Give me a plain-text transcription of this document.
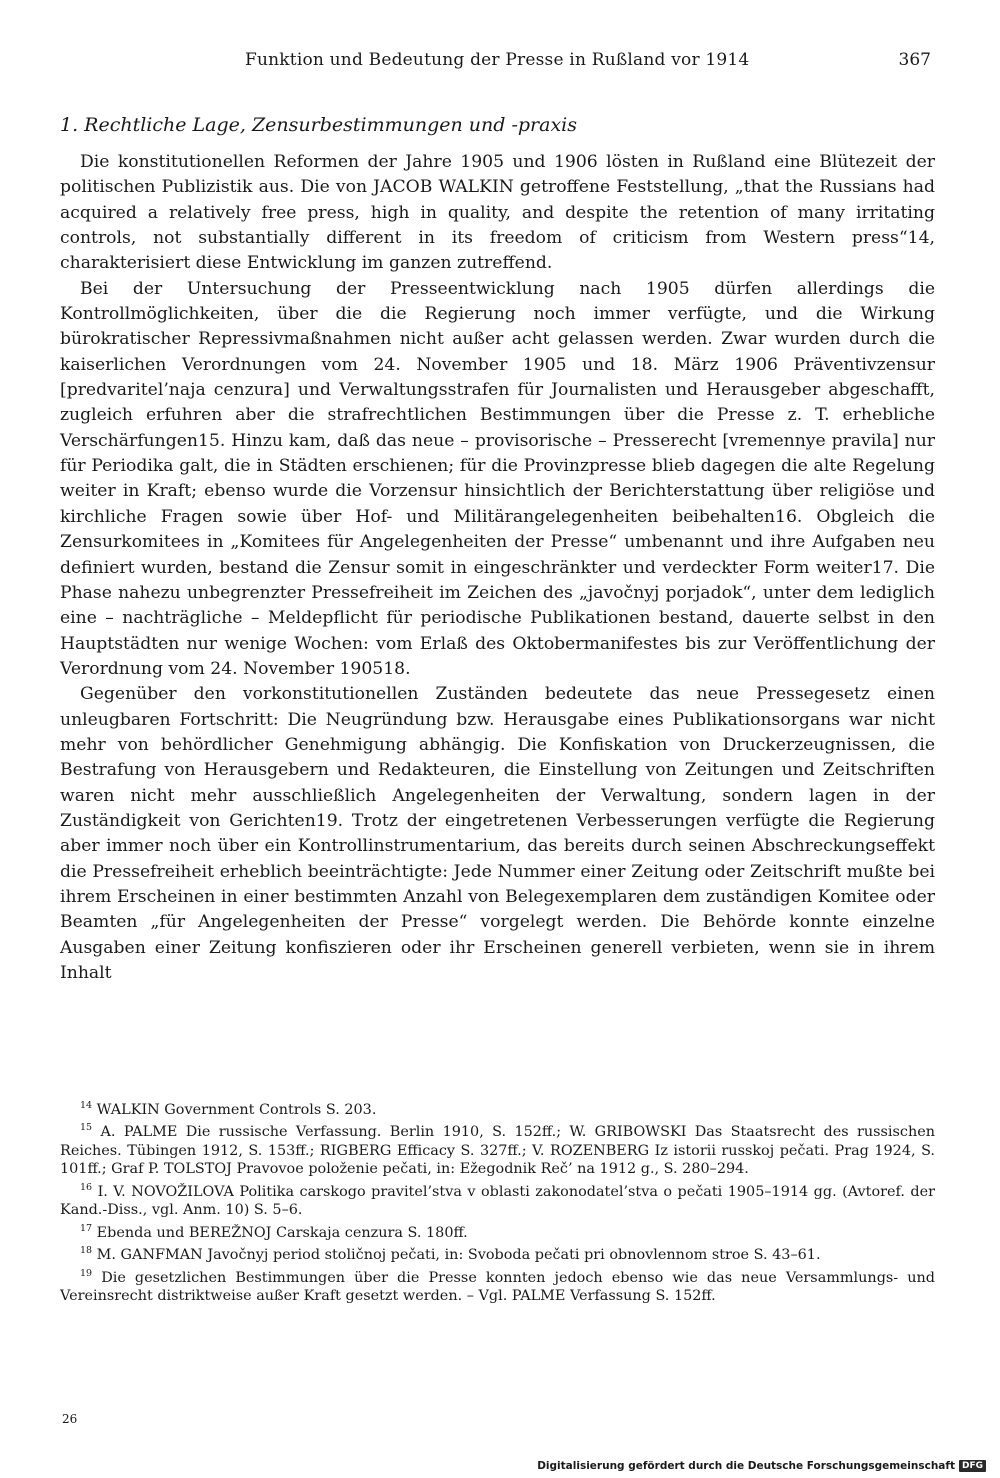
Funktion und Bedeutung der Presse in Rußland vor 1914	367
1. Rechtliche Lage, Zensurbestimmungen und -praxis

Die konstitutionellen Reformen der Jahre 1905 und 1906 lösten in Rußland eine Blütezeit der politischen Publizistik aus. Die von JACOB WALKIN getroffene Feststellung, „that the Russians had acquired a relatively free press, high in quality, and despite the retention of many irritating controls, not substantially different in its freedom of criticism from Western press“14, charakterisiert diese Entwicklung im ganzen zutreffend.

Bei der Untersuchung der Presseentwicklung nach 1905 dürfen allerdings die Kontrollmöglichkeiten, über die die Regierung noch immer verfügte, und die Wirkung bürokratischer Repressivmaßnahmen nicht außer acht gelassen werden. Zwar wurden durch die kaiserlichen Verordnungen vom 24. November 1905 und 18. März 1906 Präventivzensur [predvaritel’naja cenzura] und Verwaltungsstrafen für Journalisten und Herausgeber abgeschafft, zugleich erfuhren aber die strafrechtlichen Bestimmungen über die Presse z. T. erhebliche Verschärfungen15. Hinzu kam, daß das neue – provisorische – Presserecht [vremennye pravila] nur für Periodika galt, die in Städten erschienen; für die Provinzpresse blieb dagegen die alte Regelung weiter in Kraft; ebenso wurde die Vorzensur hinsichtlich der Berichterstattung über religiöse und kirchliche Fragen sowie über Hof- und Militärangelegenheiten beibehalten16. Obgleich die Zensurkomitees in „Komitees für Angelegenheiten der Presse“ umbenannt und ihre Aufgaben neu definiert wurden, bestand die Zensur somit in eingeschränkter und verdeckter Form weiter17. Die Phase nahezu unbegrenzter Pressefreiheit im Zeichen des „javočnyj porjadok“, unter dem lediglich eine – nachträgliche – Meldepflicht für periodische Publikationen bestand, dauerte selbst in den Hauptstädten nur wenige Wochen: vom Erlaß des Oktobermanifestes bis zur Veröffentlichung der Verordnung vom 24. November 190518.

Gegenüber den vorkonstitutionellen Zuständen bedeutete das neue Pressegesetz einen unleugbaren Fortschritt: Die Neugründung bzw. Herausgabe eines Publikationsorgans war nicht mehr von behördlicher Genehmigung abhängig. Die Konfiskation von Druckerzeugnissen, die Bestrafung von Herausgebern und Redakteuren, die Einstellung von Zeitungen und Zeitschriften waren nicht mehr ausschließlich Angelegenheiten der Verwaltung, sondern lagen in der Zuständigkeit von Gerichten19. Trotz der eingetretenen Verbesserungen verfügte die Regierung aber immer noch über ein Kontrollinstrumentarium, das bereits durch seinen Abschreckungseffekt die Pressefreiheit erheblich beeinträchtigte: Jede Nummer einer Zeitung oder Zeitschrift mußte bei ihrem Erscheinen in einer bestimmten Anzahl von Belegexemplaren dem zuständigen Komitee oder Beamten „für Angelegenheiten der Presse“ vorgelegt werden. Die Behörde konnte einzelne Ausgaben einer Zeitung konfiszieren oder ihr Erscheinen generell verbieten, wenn sie in ihrem Inhalt

$^{14}$ WALKIN Government Controls S. 203.

$^{15}$ A. PALME Die russische Verfassung. Berlin 1910, S. 152ff.; W. GRIBOWSKI Das Staatsrecht des russischen Reiches. Tübingen 1912, S. 153ff.; RIGBERG Efficacy S. 327ff.; V. ROZENBERG Iz istorii russkoj pečati. Prag 1924, S. 101ff.; Graf P. TOLSTOJ Pravovoe položenie pečati, in: Ežegodnik Reč’ na 1912 g., S. 280–294.

$^{16}$ I. V. NOVOŽILOVA Politika carskogo pravitel’stva v oblasti zakonodatel’stva o pečati 1905–1914 gg. (Avtoref. der Kand.-Diss., vgl. Anm. 10) S. 5–6.

$^{17}$ Ebenda und BEREŽNOJ Carskaja cenzura S. 180ff.

$^{18}$ M. GANFMAN Javočnyj period stoličnoj pečati, in: Svoboda pečati pri obnovlennom stroe S. 43–61.

$^{19}$ Die gesetzlichen Bestimmungen über die Presse konnten jedoch ebenso wie das neue Versammlungs- und Vereinsrecht distriktweise außer Kraft gesetzt werden. – Vgl. PALME Verfassung S. 152ff.

26
Digitalisierung gefördert durch die Deutsche Forschungsgemeinschaft DFG
